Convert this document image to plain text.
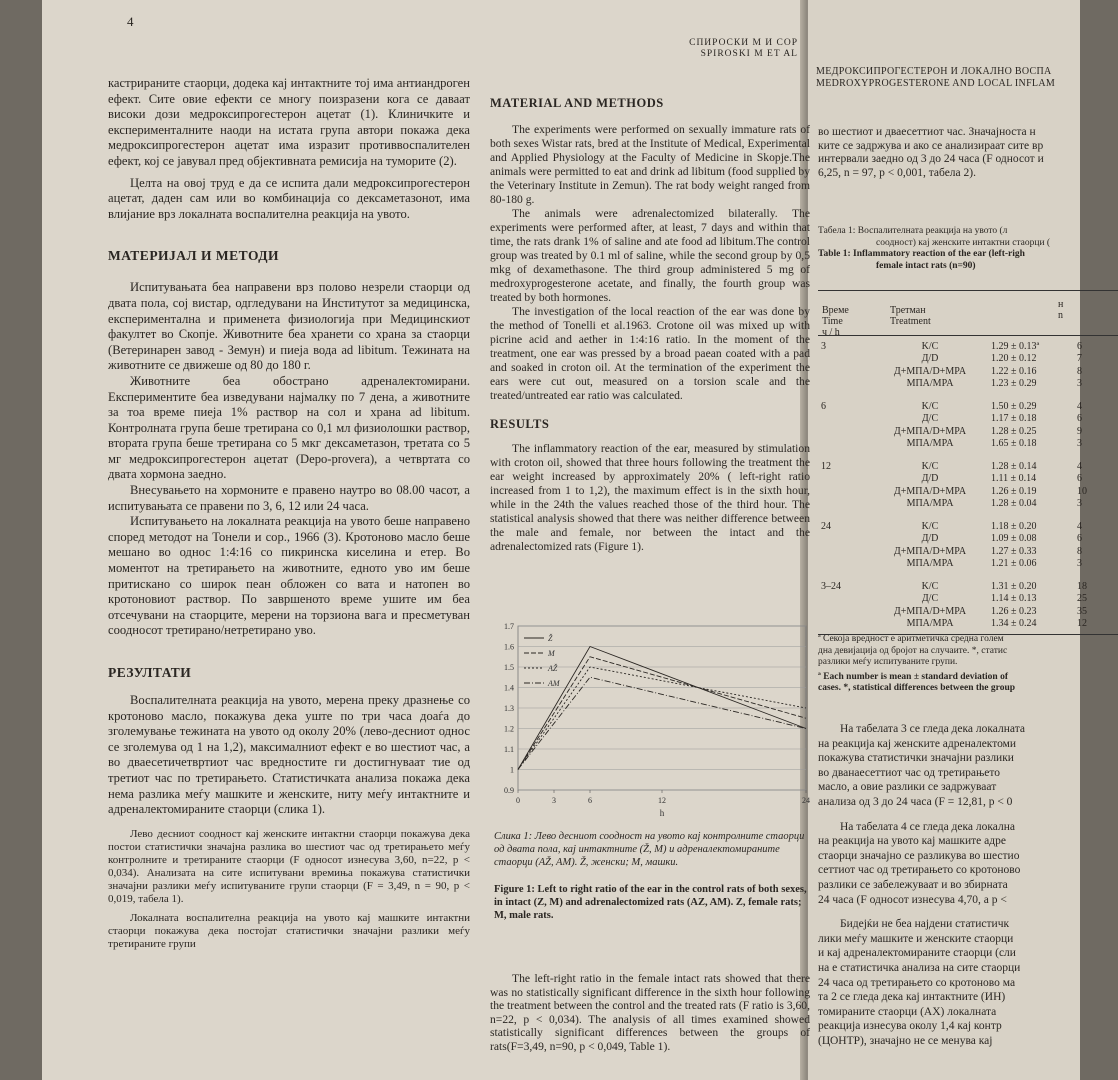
4
СПИРОСКИ М И СОР
SPIROSKI M ET AL

кастрираните стаорци, додека кај интактните тој има антиандроген ефект. Сите овие ефекти се многу поизразени кога се даваат високи дози медроксипрогестерон ацетат (1). Клиничките и експерименталните наоди на истата група автори покажа дека медроксипрогестерон ацетат има изразит противвоспалителен ефект, кој се јавувал пред објективната ремисија на туморите (2).

Целта на овој труд е да се испита дали медроксипрогестерон ацетат, даден сам или во комбинација со дексаметазонот, има влијание врз локалната воспалителна реакција на увото.

МАТЕРИЈАЛ И МЕТОДИ

Испитувањата беа направени врз полово незрели стаорци од двата пола, сој вистар, одгледувани на Институтот за медицинска, експериментална и применета физиологија при Медицинскиот факултет во Скопје. Животните беа хранети со храна за стаорци (Ветеринарен завод - Земун) и пиеја вода ad libitum. Тежината на животните се движеше од 80 до 180 г.

Животните беа обострано адреналектомирани. Експериментите беа изведувани најмалку по 7 дена, а животните за тоа време пиеја 1% раствор на сол и храна ad libitum. Контролната група беше третирана со 0,1 мл физиолошки раствор, втората група беше третирана со 5 мкг дексаметазон, третата со 5 мг медроксипрогестерон ацетат (Depo-provera), а четвртата со двата хормона заедно.

Внесувањето на хормоните е правено наутро во 08.00 часот, а испитувањата се правени по 3, 6, 12 или 24 часа.

Испитувањето на локалната реакција на увото беше направено според методот на Тонели и сор., 1966 (3). Кротоново масло беше мешано во однос 1:4:16 со пикринска киселина и етер. Во моментот на третирањето на животните, едното уво им беше притискано со широк пеан обложен со вата и натопен во кротоновиот раствор. По завршеното време ушите им беа отсечувани на стаорците, мерени на торзиона вага и пресметуван соодносот третирано/нетретирано уво.

РЕЗУЛТАТИ

Воспалителната реакција на увото, мерена преку дразнење со кротоново масло, покажува дека уште по три часа доаѓа до зголемување тежината на увото од околу 20% (лево-десниот однос се зголемува од 1 на 1,2), максималниот ефект е во шестиот час, а во дваесетичетвртиот час вредностите ги достигнуваат тие од третиот час по третирањето. Статистичката анализа покажа дека нема разлика меѓу машките и женските, ниту меѓу интактните и адреналектомираните стаорци (слика 1).

Лево десниот соодност кај женските интактни стаорци покажува дека постои статистички значајна разлика во шестиот час од третирањето меѓу контролните и третираните стаорци (F односот изнесува 3,60, n=22, p < 0,034). Анализата на сите испитувани времиња покажува статистички значајни разлики меѓу испитуваните групи стаорци (F = 3,49, n = 90, p < 0,019, табела 1).

Локалната воспалителна реакција на увото кај машките интактни стаорци покажува дека постојат статистички значајни разлики меѓу третираните групи

MATERIAL AND METHODS

The experiments were performed on sexually immature rats of both sexes Wistar rats, bred at the Institute of Medical, Experimental and Applied Physiology at the Faculty of Medicine in Skopje.The animals were permitted to eat and drink ad libitum (food supplied by the Veterinary Institute in Zemun). The rat body weight ranged from 80-180 g.

The animals were adrenalectomized bilaterally. The experiments were performed after, at least, 7 days and within that time, the rats drank 1% of saline and ate food ad libitum.The control group was treated by 0.1 ml of saline, while the second group by 0,5 mkg of dexamethasone. The third group administered 5 mg of medroxyprogesterone acetate, and finally, the fourth group was treated by both hormones.

The investigation of the local reaction of the ear was done by the method of Tonelli et al.1963. Crotone oil was mixed up with picrine acid and aether in 1:4:16 ratio. In the moment of the treatment, one ear was pressed by a broad paean coated with a pad and soaked in croton oil. At the termination of the experiment the ears were cut out, measured on a torsion scale and the treated/untreated ear ratio was calculated.

RESULTS

The inflammatory reaction of the ear, measured by stimulation with croton oil, showed that three hours following the treatment the ear weight increased by approximately 20% ( left-right ratio increased from 1 to 1,2), the maximum effect is in the sixth hour, while in the 24th the values reached those of the third hour. The statistical analysis showed that there was neither difference between the male and female, nor between the intact and the adrenalectomized rats (Figure 1).

0.9
1
1.1
1.2
1.3
1.4
1.5
1.6
1.7
0	3	6	12	24
h
Ž
M
AŽ
AM

Слика 1: Лево десниот соодност на увото кај контролните стаорци од двата пола, кај интактните (Ž, M) и адреналектомираните стаорци (AŽ, AM). Ž, женски; M, машки.

Figure 1: Left to right ratio of the ear in the control rats of both sexes, in intact (Z, M) and adrenalectomized rats (AZ, AM). Z, female rats; M, male rats.

The left-right ratio in the female intact rats showed that there was no statistically significant difference in the sixth hour following the treatment between the control and the treated rats (F ratio is 3,60, n=22, p < 0,034). The analysis of all times examined showed statistically significant differences between the groups of rats(F=3,49, n=90, p < 0,049, Table 1).

МЕДРОКСИПРОГЕСТЕРОН И ЛОКАЛНО ВОСПА
MEDROXYPROGESTERONE AND LOCAL INFLAM
во шестиот и дваесеттиот час. Значајноста н
ките се задржува и ако се анализираат сите вр
интервали заедно од 3 до 24 часа (F односот и
6,25, n = 97, p < 0,001, табела 2).
Табела 1: Воспалителната реакција на увото (л
соодност) кај женските интактни стаорци (
Table 1: Inflammatory reaction of the ear (left-righ
female intact rats (n=90)
Време
Time
ч / h
Третман
Treatment
н
n
3	K/C	1.29 ± 0.13ª	6
	Д/D	1.20 ± 0.12	7
	Д+МПА/D+MPA	1.22 ± 0.16	8
	МПА/MPA	1.23 ± 0.29	3
6	K/C	1.50 ± 0.29	4
	Д/С	1.17 ± 0.18	6
	Д+МПА/D+MPA	1.28 ± 0.25	9
	МПА/MPA	1.65 ± 0.18	3
12	K/C	1.28 ± 0.14	4
	Д/D	1.11 ± 0.14	6
	Д+МПА/D+MPA	1.26 ± 0.19	10
	МПА/MPA	1.28 ± 0.04	3
24	K/C	1.18 ± 0.20	4
	Д/D	1.09 ± 0.08	6
	Д+МПА/D+MPA	1.27 ± 0.33	8
	МПА/MPA	1.21 ± 0.06	3
3–24	K/C	1.31 ± 0.20	18
	Д/С	1.14 ± 0.13	25
	Д+МПА/D+MPA	1.26 ± 0.23	35
	МПА/MPA	1.34 ± 0.24	12
ª Секоја вредност е аритметичка средна голем
дна девијација од бројот на случаите. *, статис
разлики меѓу испитуваните групи.
ª Each number is mean ± standard deviation of
cases. *, statistical differences between the group
На табелата 3 се гледа дека локалната
на реакција кај женските адреналектоми
покажува статистички значајни разлики
во дванаесеттиот час од третирањето
масло, а овие разлики се задржуваат
анализа од 3 до 24 часа (F = 12,81, p < 0
На табелата 4 се гледа дека локална
на реакција на увото кај машките адре
стаорци значајно се разликува во шестио
сеттиот час од третирањето со кротоново
разлики се забележуваат и во збирната
24 часа (F односот изнесува 4,70, a p <
Бидејќи не беа најдени статистичк
лики меѓу машките и женските стаорци
и кај адреналектомираните стаорци (сли
на е статистичка анализа на сите стаорци
24 часа од третирањето со кротоново ма
та 2 се гледа дека кај интактните (ИН)
томираните стаорци (АХ) локалната
реакција изнесува околу 1,4 кај контр
(ЦОНТР), значајно не се менува кај
